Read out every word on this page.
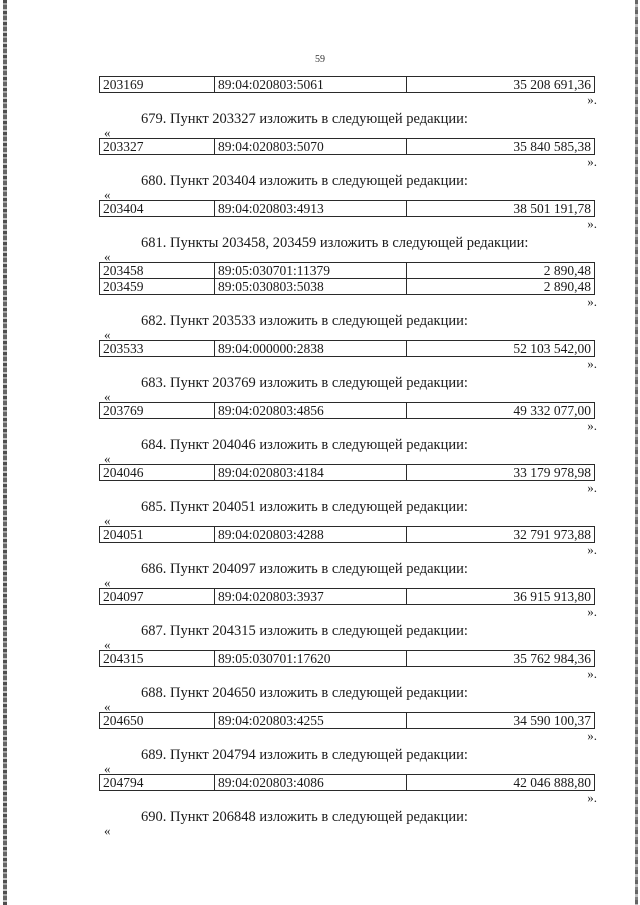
59
203169	89:04:020803:5061	35 208 691,36
».
679. Пункт 203327 изложить в следующей редакции:
«
203327	89:04:020803:5070	35 840 585,38
».
680. Пункт 203404 изложить в следующей редакции:
«
203404	89:04:020803:4913	38 501 191,78
».
681. Пункты 203458, 203459 изложить в следующей редакции:
«
203458	89:05:030701:11379	2 890,48
203459	89:05:030803:5038	2 890,48
».
682. Пункт 203533 изложить в следующей редакции:
«
203533	89:04:000000:2838	52 103 542,00
».
683. Пункт 203769 изложить в следующей редакции:
«
203769	89:04:020803:4856	49 332 077,00
».
684. Пункт 204046 изложить в следующей редакции:
«
204046	89:04:020803:4184	33 179 978,98
».
685. Пункт 204051 изложить в следующей редакции:
«
204051	89:04:020803:4288	32 791 973,88
».
686. Пункт 204097 изложить в следующей редакции:
«
204097	89:04:020803:3937	36 915 913,80
».
687. Пункт 204315 изложить в следующей редакции:
«
204315	89:05:030701:17620	35 762 984,36
».
688. Пункт 204650 изложить в следующей редакции:
«
204650	89:04:020803:4255	34 590 100,37
».
689. Пункт 204794 изложить в следующей редакции:
«
204794	89:04:020803:4086	42 046 888,80
».
690. Пункт 206848 изложить в следующей редакции:
«
